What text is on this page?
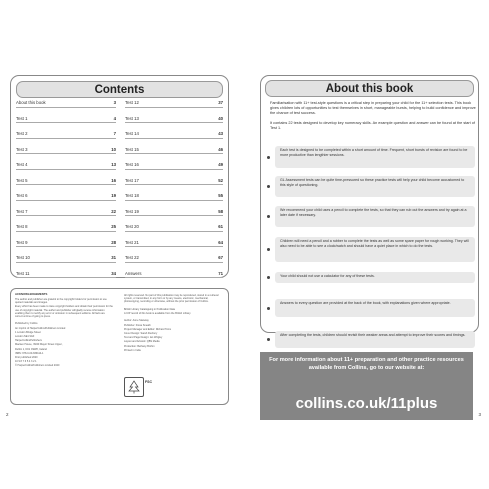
Contents
About this book	3
Test 1	4
Test 2	7
Test 3	10
Test 4	13
Test 5	16
Test 6	19
Test 7	22
Test 8	25
Test 9	28
Test 10	31
Test 11	34
Test 12	37
Test 13	40
Test 14	43
Test 15	46
Test 16	49
Test 17	52
Test 18	55
Test 19	58
Test 20	61
Test 21	64
Test 22	67
Answers	71
ACKNOWLEDGEMENTS
The author and publisher are grateful to the copyright holders for permission to use quoted materials and images.
Every effort has been made to trace copyright holders and obtain their permission for the use of copyright material. The author and publisher will gladly receive information enabling them to rectify any error or omission in subsequent editions. All facts are correct at time of going to press.
Published by Collins
An imprint of HarperCollinsPublishers Limited
1 London Bridge Street
London SE1 9GF
HarperCollinsPublishers
Macken House, 39/40 Mayor Street Upper,
Dublin 1, D01 C9W8, Ireland
ISBN: 978-0-00-839114-1
First published 2020
10 9 8 7 6 5 4 3 2 1
© HarperCollinsPublishers Limited 2020
All rights reserved. No part of this publication may be reproduced, stored in a retrieval system, or transmitted, in any form or by any means, electronic, mechanical, photocopying, recording or otherwise, without the prior permission of Collins.
British Library Cataloguing in Publication Data
A CIP record of this book is available from the British Library.
Author: Anne Stanway
Publisher: Fiona Sneath
Project Manager and Editor: Richard Toms
Cover Design: Sarah Duxbury
Text and Page Design: Ian Wrigley
Layout and Artwork: QBS Media
Production: Bethany Brohm
Printed in India
FSC
2
About this book
3
Familiarisation with 11+ test-style questions is a critical step in preparing your child for the 11+ selection tests. This book gives children lots of opportunities to test themselves in short, manageable bursts, helping to build confidence and improve the chance of test success.
It contains 22 tests designed to develop key numeracy skills. An example question and answer can be found at the start of Test 1.
Each test is designed to be completed within a short amount of time. Frequent, short bursts of revision are found to be more productive than lengthier sessions.
GL Assessment tests can be quite time-pressured so these practice tests will help your child become accustomed to this style of questioning.
We recommend your child uses a pencil to complete the tests, so that they can rub out the answers and try again at a later date if necessary.
Children will need a pencil and a rubber to complete the tests as well as some spare paper for rough working. They will also need to be able to see a clock/watch and should have a quiet place in which to do the tests.
Your child should not use a calculator for any of these tests.
Answers to every question are provided at the back of the book, with explanations given where appropriate.
After completing the tests, children should revisit their weaker areas and attempt to improve their scores and timings.
For more information about 11+ preparation and other practice resources available from Collins, go to our website at:
collins.co.uk/11plus
